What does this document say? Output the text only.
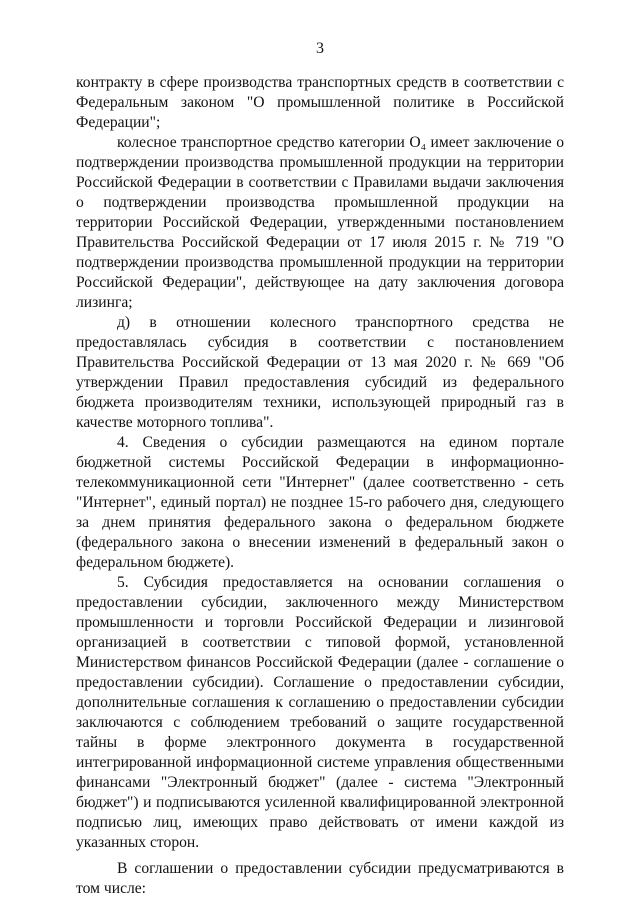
3

контракту в сфере производства транспортных средств в соответствии с Федеральным законом "О промышленной политике в Российской Федерации";

колесное транспортное средство категории O₄ имеет заключение о подтверждении производства промышленной продукции на территории Российской Федерации в соответствии с Правилами выдачи заключения о подтверждении производства промышленной продукции на территории Российской Федерации, утвержденными постановлением Правительства Российской Федерации от 17 июля 2015 г. № 719 "О подтверждении производства промышленной продукции на территории Российской Федерации", действующее на дату заключения договора лизинга;

д) в отношении колесного транспортного средства не предоставлялась субсидия в соответствии с постановлением Правительства Российской Федерации от 13 мая 2020 г. № 669 "Об утверждении Правил предоставления субсидий из федерального бюджета производителям техники, использующей природный газ в качестве моторного топлива".

4. Сведения о субсидии размещаются на едином портале бюджетной системы Российской Федерации в информационно-телекоммуникационной сети "Интернет" (далее соответственно - сеть "Интернет", единый портал) не позднее 15-го рабочего дня, следующего за днем принятия федерального закона о федеральном бюджете (федерального закона о внесении изменений в федеральный закон о федеральном бюджете).

5. Субсидия предоставляется на основании соглашения о предоставлении субсидии, заключенного между Министерством промышленности и торговли Российской Федерации и лизинговой организацией в соответствии с типовой формой, установленной Министерством финансов Российской Федерации (далее - соглашение о предоставлении субсидии). Соглашение о предоставлении субсидии, дополнительные соглашения к соглашению о предоставлении субсидии заключаются с соблюдением требований о защите государственной тайны в форме электронного документа в государственной интегрированной информационной системе управления общественными финансами "Электронный бюджет" (далее - система "Электронный бюджет") и подписываются усиленной квалифицированной электронной подписью лиц, имеющих право действовать от имени каждой из указанных сторон.

В соглашении о предоставлении субсидии предусматриваются в том числе:
